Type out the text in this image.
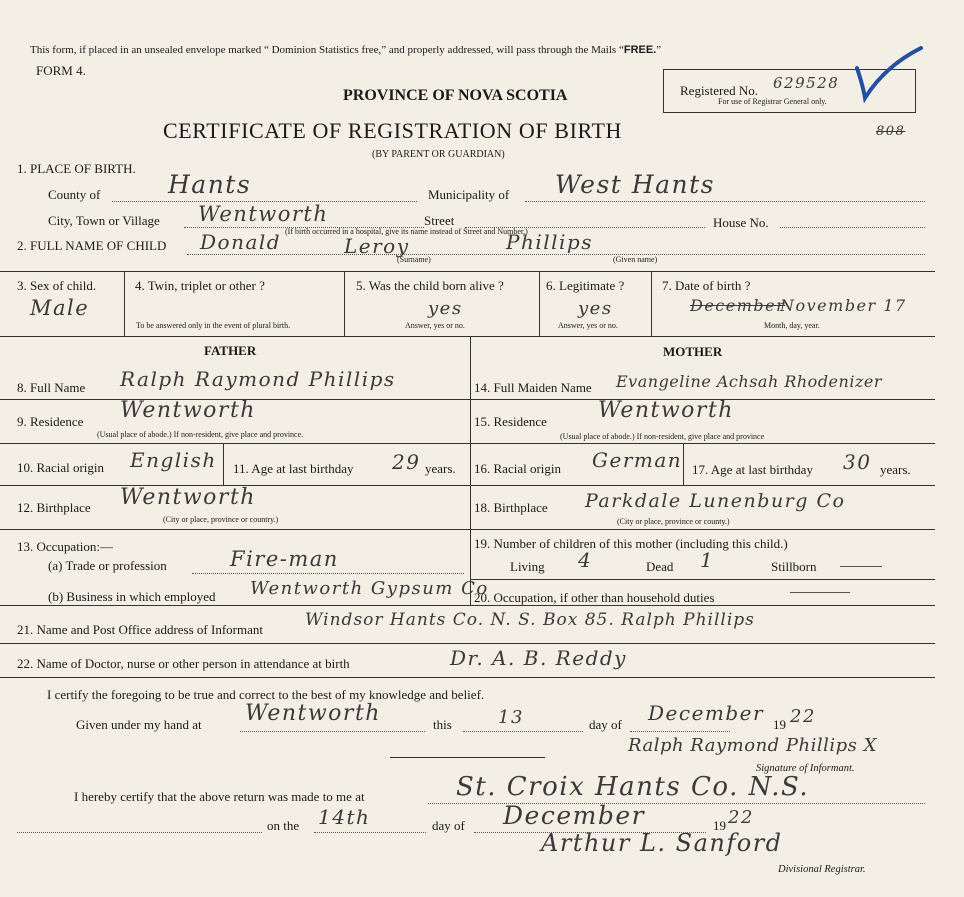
This form, if placed in an unsealed envelope marked “ Dominion Statistics free,” and properly addressed, will pass through the Mails “FREE.”
FORM 4.
Registered No. 629528
For use of Registrar General only.
808
PROVINCE OF NOVA SCOTIA
CERTIFICATE OF REGISTRATION OF BIRTH
(BY PARENT OR GUARDIAN)
1. PLACE OF BIRTH.
County of	Hants	Municipality of West Hants
City, Town or Village Wentworth	Street	House No.
(If birth occurred in a hospital, give its name instead of Street and Number.)
2. FULL NAME OF CHILD Donald	Leroy	Phillips
(Surname)	(Given name)
3. Sex of child.
Male
4. Twin, triplet or other ?
To be answered only in the event of plural birth.
5. Was the child born alive ?
yes
Answer, yes or no.
6. Legitimate ?
yes
Answer, yes or no.
7. Date of birth ?
December
November 17
Month, day, year.
FATHER	MOTHER
8. Full Name Ralph Raymond Phillips	14. Full Maiden Name Evangeline Achsah Rhodenizer
9. Residence Wentworth
(Usual place of abode.) If non-resident, give place and province.
15. Residence Wentworth
(Usual place of abode.) If non-resident, give place and province
10. Racial origin English 11. Age at last birthday 29 years. 16. Racial origin German 17. Age at last birthday 30 years.
12. Birthplace Wentworth
(City or place, province or country.)
18. Birthplace Parkdale Lunenburg Co
(City or place, province or county.)
13. Occupation:—
(a) Trade or profession	Fire-man
19. Number of children of this mother (including this child.)
Living 4	Dead 1	Stillborn
(b) Business in which employed Wentworth Gypsum Co
20. Occupation, if other than household duties
21. Name and Post Office address of Informant Windsor Hants Co. N. S. Box 85. Ralph Phillips
22. Name of Doctor, nurse or other person in attendance at birth	Dr. A. B. Reddy
I certify the foregoing to be true and correct to the best of my knowledge and belief.
Given under my hand at Wentworth	this	13	day of December 19 22
Ralph Raymond Phillips X
Signature of Informant.
I hereby certify that the above return was made to me at	St. Croix Hants Co. N.S.
on the 14th	day of December	19 22
Arthur L. Sanford
Divisional Registrar.
